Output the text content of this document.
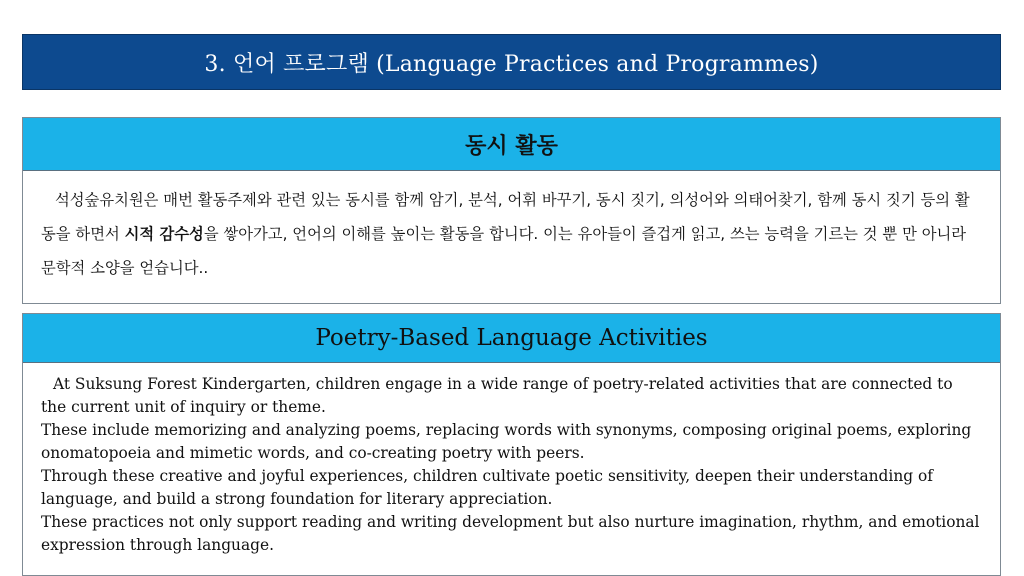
3. 언어 프로그램 (Language Practices and Programmes)
동시 활동

석성숲유치원은 매번 활동주제와 관련 있는 동시를 함께 암기, 분석, 어휘 바꾸기, 동시 짓기, 의성어와 의태어찾기, 함께 동시 짓기 등의 활동을 하면서 시적 감수성을 쌓아가고, 언어의 이해를 높이는 활동을 합니다. 이는 유아들이 즐겁게 읽고, 쓰는 능력을 기르는 것 뿐 만 아니라 문학적 소양을 얻습니다..

Poetry-Based Language Activities

At Suksung Forest Kindergarten, children engage in a wide range of poetry-related activities that are connected to the current unit of inquiry or theme.

These include memorizing and analyzing poems, replacing words with synonyms, composing original poems, exploring onomatopoeia and mimetic words, and co-creating poetry with peers.

Through these creative and joyful experiences, children cultivate poetic sensitivity, deepen their understanding of language, and build a strong foundation for literary appreciation.

These practices not only support reading and writing development but also nurture imagination, rhythm, and emotional expression through language.
